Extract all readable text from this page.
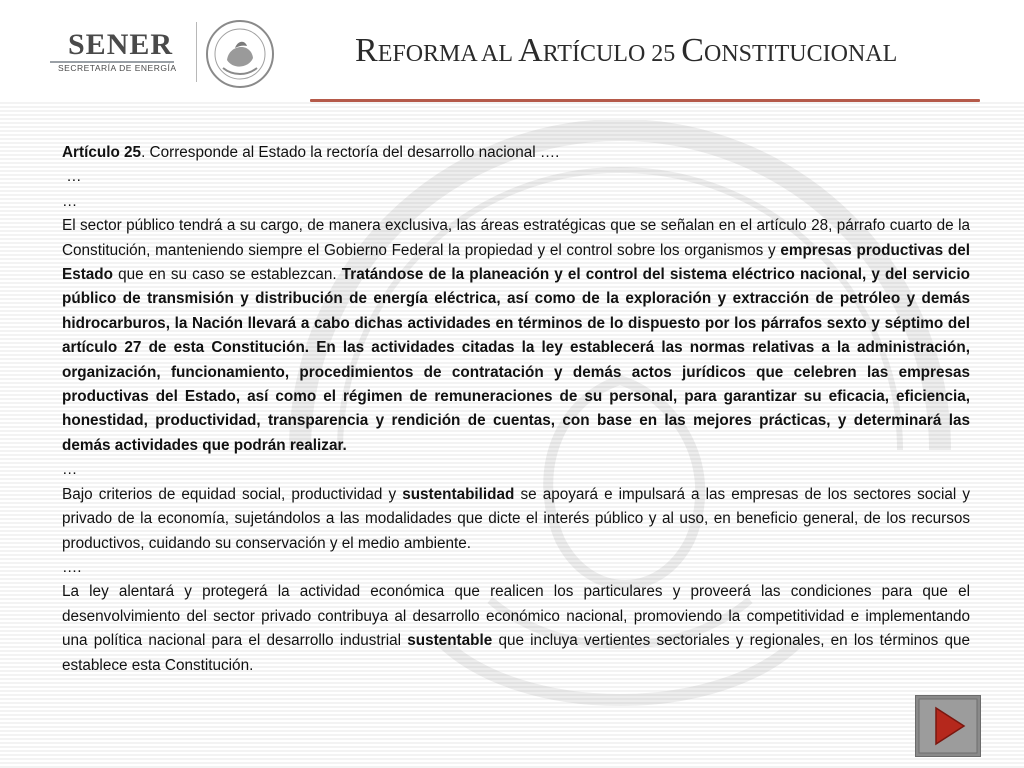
SENER
SECRETARÍA DE ENERGÍA	REFORMA AL ARTÍCULO 25 CONSTITUCIONAL

Artículo 25. Corresponde al Estado la rectoría del desarrollo nacional ….

…

…

El sector público tendrá a su cargo, de manera exclusiva, las áreas estratégicas que se señalan en el artículo 28, párrafo cuarto de la Constitución, manteniendo siempre el Gobierno Federal la propiedad y el control sobre los organismos y empresas productivas del Estado que en su caso se establezcan. Tratándose de la planeación y el control del sistema eléctrico nacional, y del servicio público de transmisión y distribución de energía eléctrica, así como de la exploración y extracción de petróleo y demás hidrocarburos, la Nación llevará a cabo dichas actividades en términos de lo dispuesto por los párrafos sexto y séptimo del artículo 27 de esta Constitución. En las actividades citadas la ley establecerá las normas relativas a la administración, organización, funcionamiento, procedimientos de contratación y demás actos jurídicos que celebren las empresas productivas del Estado, así como el régimen de remuneraciones de su personal, para garantizar su eficacia, eficiencia, honestidad, productividad, transparencia y rendición de cuentas, con base en las mejores prácticas, y determinará las demás actividades que podrán realizar.

…

Bajo criterios de equidad social, productividad y sustentabilidad se apoyará e impulsará a las empresas de los sectores social y privado de la economía, sujetándolos a las modalidades que dicte el interés público y al uso, en beneficio general, de los recursos productivos, cuidando su conservación y el medio ambiente.

….

La ley alentará y protegerá la actividad económica que realicen los particulares y proveerá las condiciones para que el desenvolvimiento del sector privado contribuya al desarrollo económico nacional, promoviendo la competitividad e implementando una política nacional para el desarrollo industrial sustentable que incluya vertientes sectoriales y regionales, en los términos que establece esta Constitución.
